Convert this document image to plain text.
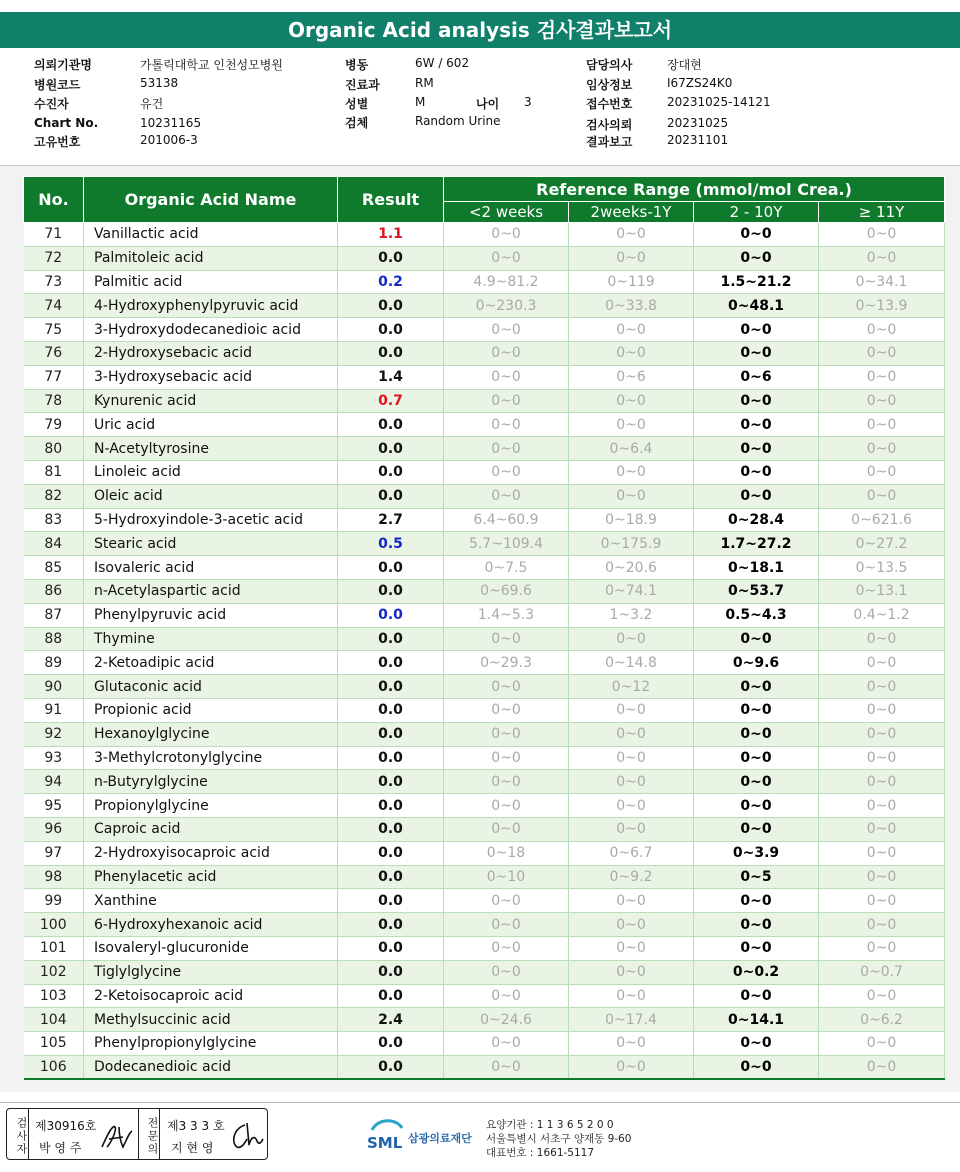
Organic Acid analysis 검사결과보고서
의뢰기관명	가톨릭대학교 인천성모병원
병원코드	53138
수진자	유건
Chart No.	10231165
고유번호	201006-3
병동	6W / 602
진료과	RM
성별	M
검체	Random Urine
담당의사	장대현
임상정보	I67ZS24K0
접수번호	20231025-14121
검사의뢰	20231025
결과보고	20231101
나이 3
No.	Organic Acid Name	Result	Reference Range (mmol/mol Crea.)			
			<2 weeks	2weeks-1Y	2 - 10Y	≥ 11Y
71	Vanillactic acid	1.1	0~0	0~0	0~0	0~0
72	Palmitoleic acid	0.0	0~0	0~0	0~0	0~0
73	Palmitic acid	0.2	4.9~81.2	0~119	1.5~21.2	0~34.1
74	4-Hydroxyphenylpyruvic acid	0.0	0~230.3	0~33.8	0~48.1	0~13.9
75	3-Hydroxydodecanedioic acid	0.0	0~0	0~0	0~0	0~0
76	2-Hydroxysebacic acid	0.0	0~0	0~0	0~0	0~0
77	3-Hydroxysebacic acid	1.4	0~0	0~6	0~6	0~0
78	Kynurenic acid	0.7	0~0	0~0	0~0	0~0
79	Uric acid	0.0	0~0	0~0	0~0	0~0
80	N-Acetyltyrosine	0.0	0~0	0~6.4	0~0	0~0
81	Linoleic acid	0.0	0~0	0~0	0~0	0~0
82	Oleic acid	0.0	0~0	0~0	0~0	0~0
83	5-Hydroxyindole-3-acetic acid	2.7	6.4~60.9	0~18.9	0~28.4	0~621.6
84	Stearic acid	0.5	5.7~109.4	0~175.9	1.7~27.2	0~27.2
85	Isovaleric acid	0.0	0~7.5	0~20.6	0~18.1	0~13.5
86	n-Acetylaspartic acid	0.0	0~69.6	0~74.1	0~53.7	0~13.1
87	Phenylpyruvic acid	0.0	1.4~5.3	1~3.2	0.5~4.3	0.4~1.2
88	Thymine	0.0	0~0	0~0	0~0	0~0
89	2-Ketoadipic acid	0.0	0~29.3	0~14.8	0~9.6	0~0
90	Glutaconic acid	0.0	0~0	0~12	0~0	0~0
91	Propionic acid	0.0	0~0	0~0	0~0	0~0
92	Hexanoylglycine	0.0	0~0	0~0	0~0	0~0
93	3-Methylcrotonylglycine	0.0	0~0	0~0	0~0	0~0
94	n-Butyrylglycine	0.0	0~0	0~0	0~0	0~0
95	Propionylglycine	0.0	0~0	0~0	0~0	0~0
96	Caproic acid	0.0	0~0	0~0	0~0	0~0
97	2-Hydroxyisocaproic acid	0.0	0~18	0~6.7	0~3.9	0~0
98	Phenylacetic acid	0.0	0~10	0~9.2	0~5	0~0
99	Xanthine	0.0	0~0	0~0	0~0	0~0
100	6-Hydroxyhexanoic acid	0.0	0~0	0~0	0~0	0~0
101	Isovaleryl-glucuronide	0.0	0~0	0~0	0~0	0~0
102	Tiglylglycine	0.0	0~0	0~0	0~0.2	0~0.7
103	2-Ketoisocaproic acid	0.0	0~0	0~0	0~0	0~0
104	Methylsuccinic acid	2.4	0~24.6	0~17.4	0~14.1	0~6.2
105	Phenylpropionylglycine	0.0	0~0	0~0	0~0	0~0
106	Dodecanedioic acid	0.0	0~0	0~0	0~0	0~0
검사자 제30916호
박 영 주	전문의 제3 3 3 호
지 현 영	SML 삼광의료재단
요양기관 : 1 1 3 6 5 2 0 0
서울특별시 서초구 양재동 9-60
대표번호 : 1661-5117
